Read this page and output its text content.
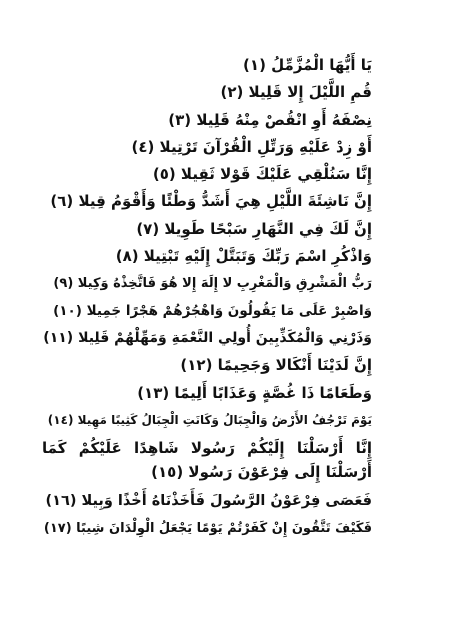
يَا أَيُّهَا الْمُزَّمِّلُ (١)
قُمِ اللَّيْلَ إِلا قَلِيلا (٢)
نِصْفَهُ أَوِ انْقُصْ مِنْهُ قَلِيلا (٣)
أَوْ زِدْ عَلَيْهِ وَرَتِّلِ الْقُرْآنَ تَرْتِيلا (٤)
إِنَّا سَنُلْقِي عَلَيْكَ قَوْلا ثَقِيلا (٥)
إِنَّ نَاشِئَةَ اللَّيْلِ هِيَ أَشَدُّ وَطْئًا وَأَقْوَمُ قِيلا (٦)
إِنَّ لَكَ فِي النَّهَارِ سَبْحًا طَوِيلا (٧)
وَاذْكُرِ اسْمَ رَبِّكَ وَتَبَتَّلْ إِلَيْهِ تَبْتِيلا (٨)
رَبُّ الْمَشْرِقِ وَالْمَغْرِبِ لا إِلَهَ إِلا هُوَ فَاتَّخِذْهُ وَكِيلا (٩)
وَاصْبِرْ عَلَى مَا يَقُولُونَ وَاهْجُرْهُمْ هَجْرًا جَمِيلا (١٠)
وَذَرْنِي وَالْمُكَذِّبِينَ أُولِي النَّعْمَةِ وَمَهِّلْهُمْ قَلِيلا (١١)
إِنَّ لَدَيْنَا أَنْكَالا وَجَحِيمًا (١٢)
وَطَعَامًا ذَا غُصَّةٍ وَعَذَابًا أَلِيمًا (١٣)
يَوْمَ تَرْجُفُ الأَرْضُ وَالْجِبَالُ وَكَانَتِ الْجِبَالُ كَثِيبًا مَهِيلا (١٤)
إِنَّا أَرْسَلْنَا إِلَيْكُمْ رَسُولا شَاهِدًا عَلَيْكُمْ كَمَا أَرْسَلْنَا إِلَى فِرْعَوْنَ رَسُولا (١٥)
فَعَصَى فِرْعَوْنُ الرَّسُولَ فَأَخَذْنَاهُ أَخْذًا وَبِيلا (١٦)
فَكَيْفَ تَتَّقُونَ إِنْ كَفَرْتُمْ يَوْمًا يَجْعَلُ الْوِلْدَانَ شِيبًا (١٧)
